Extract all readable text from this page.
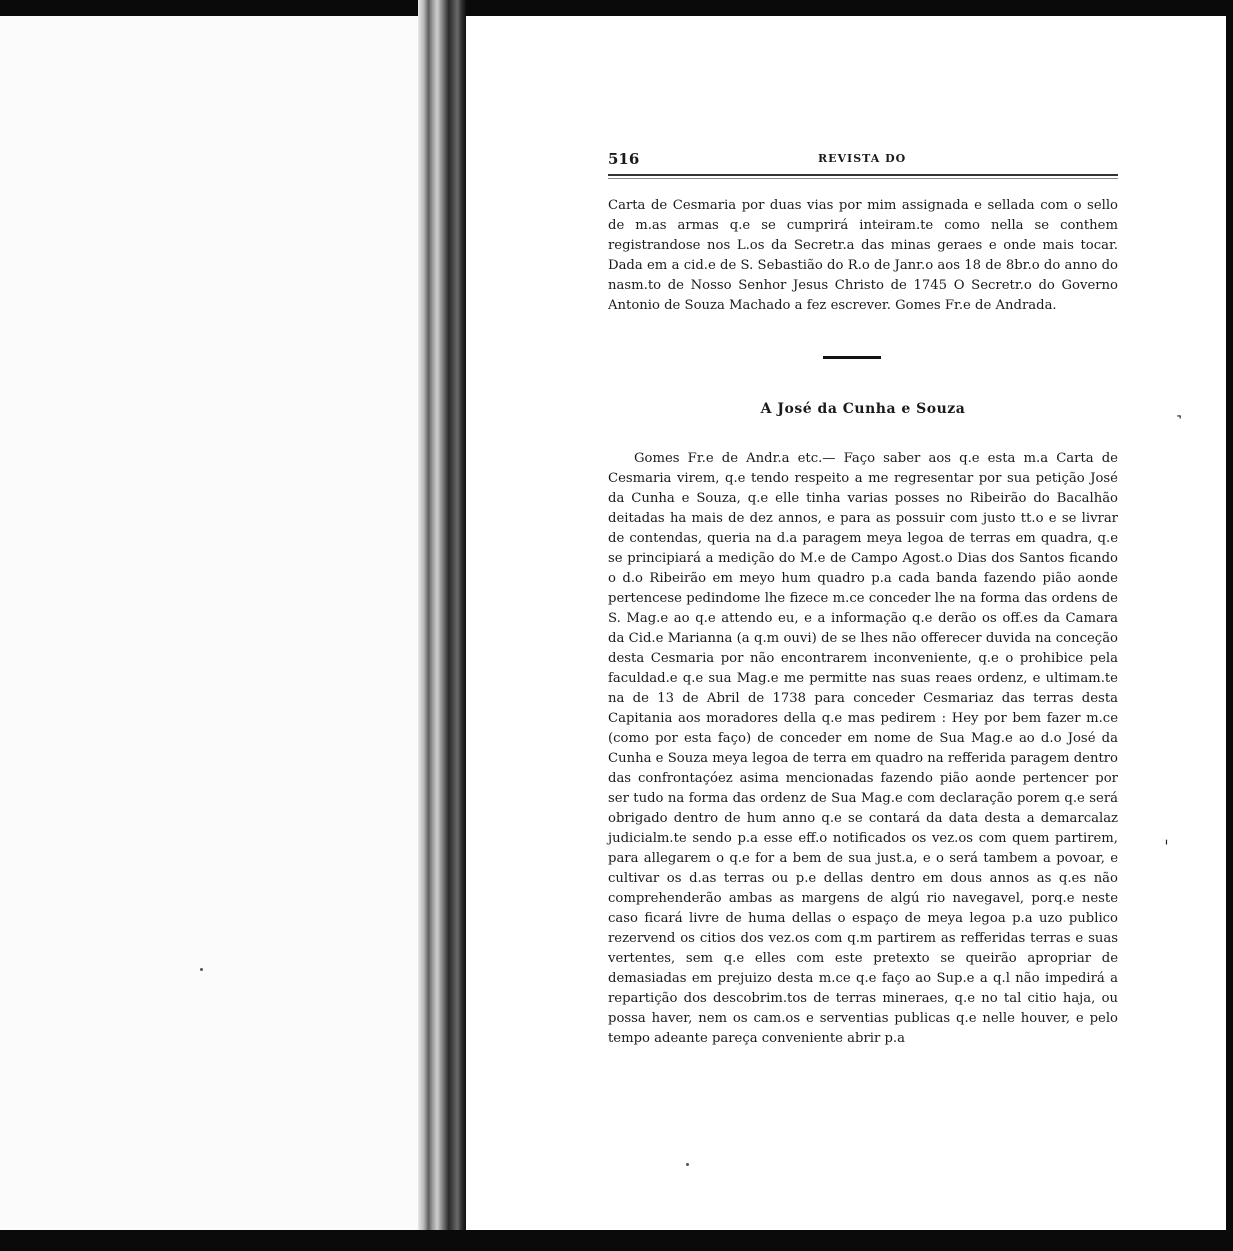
˺
ˌ
516	REVISTA DO

Carta de Cesmaria por duas vias por mim assignada e sellada com o sello de m.as armas q.e se cumprirá inteiram.te como nella se conthem registrandose nos L.os da Secretr.a das minas geraes e onde mais tocar. Dada em a cid.e de S. Sebastião do R.o de Janr.o aos 18 de 8br.o do anno do nasm.to de Nosso Senhor Jesus Christo de 1745 O Secretr.o do Governo Antonio de Souza Machado a fez escrever. Gomes Fr.e de Andrada.

A José da Cunha e Souza

Gomes Fr.e de Andr.a etc.— Faço saber aos q.e esta m.a Carta de Cesmaria virem, q.e tendo respeito a me regresentar por sua petição José da Cunha e Souza, q.e elle tinha varias posses no Ribeirão do Bacalhão deitadas ha mais de dez annos, e para as possuir com justo tt.o e se livrar de contendas, queria na d.a paragem meya legoa de terras em quadra, q.e se principiará a medição do M.e de Campo Agost.o Dias dos Santos ficando o d.o Ribeirão em meyo hum quadro p.a cada banda fazendo pião aonde pertencese pedindome lhe fizece m.ce conceder lhe na forma das ordens de S. Mag.e ao q.e attendo eu, e a informação q.e derão os off.es da Camara da Cid.e Marianna (a q.m ouvi) de se lhes não offerecer duvida na conceção desta Cesmaria por não encontrarem inconveniente, q.e o prohibice pela faculdad.e q.e sua Mag.e me permitte nas suas reaes ordenz, e ultimam.te na de 13 de Abril de 1738 para conceder Cesmariaz das terras desta Capitania aos moradores della q.e mas pedirem : Hey por bem fazer m.ce (como por esta faço) de conceder em nome de Sua Mag.e ao d.o José da Cunha e Souza meya legoa de terra em quadro na refferida paragem dentro das confrontaçóez asima mencionadas fazendo pião aonde pertencer por ser tudo na forma das ordenz de Sua Mag.e com declaração porem q.e será obrigado dentro de hum anno q.e se contará da data desta a demarcalaz judicialm.te sendo p.a esse eff.o notificados os vez.os com quem partirem, para allegarem o q.e for a bem de sua just.a, e o será tambem a povoar, e cultivar os d.as terras ou p.e dellas dentro em dous annos as q.es não comprehenderão ambas as margens de algú rio navegavel, porq.e neste caso ficará livre de huma dellas o espaço de meya legoa p.a uzo publico rezervend os citios dos vez.os com q.m partirem as refferidas terras e suas vertentes, sem q.e elles com este pretexto se queirão apropriar de demasiadas em prejuizo desta m.ce q.e faço ao Sup.e a q.l não impedirá a repartição dos descobrim.tos de terras mineraes, q.e no tal citio haja, ou possa haver, nem os cam.os e serventias publicas q.e nelle houver, e pelo tempo adeante pareça conveniente abrir p.a
